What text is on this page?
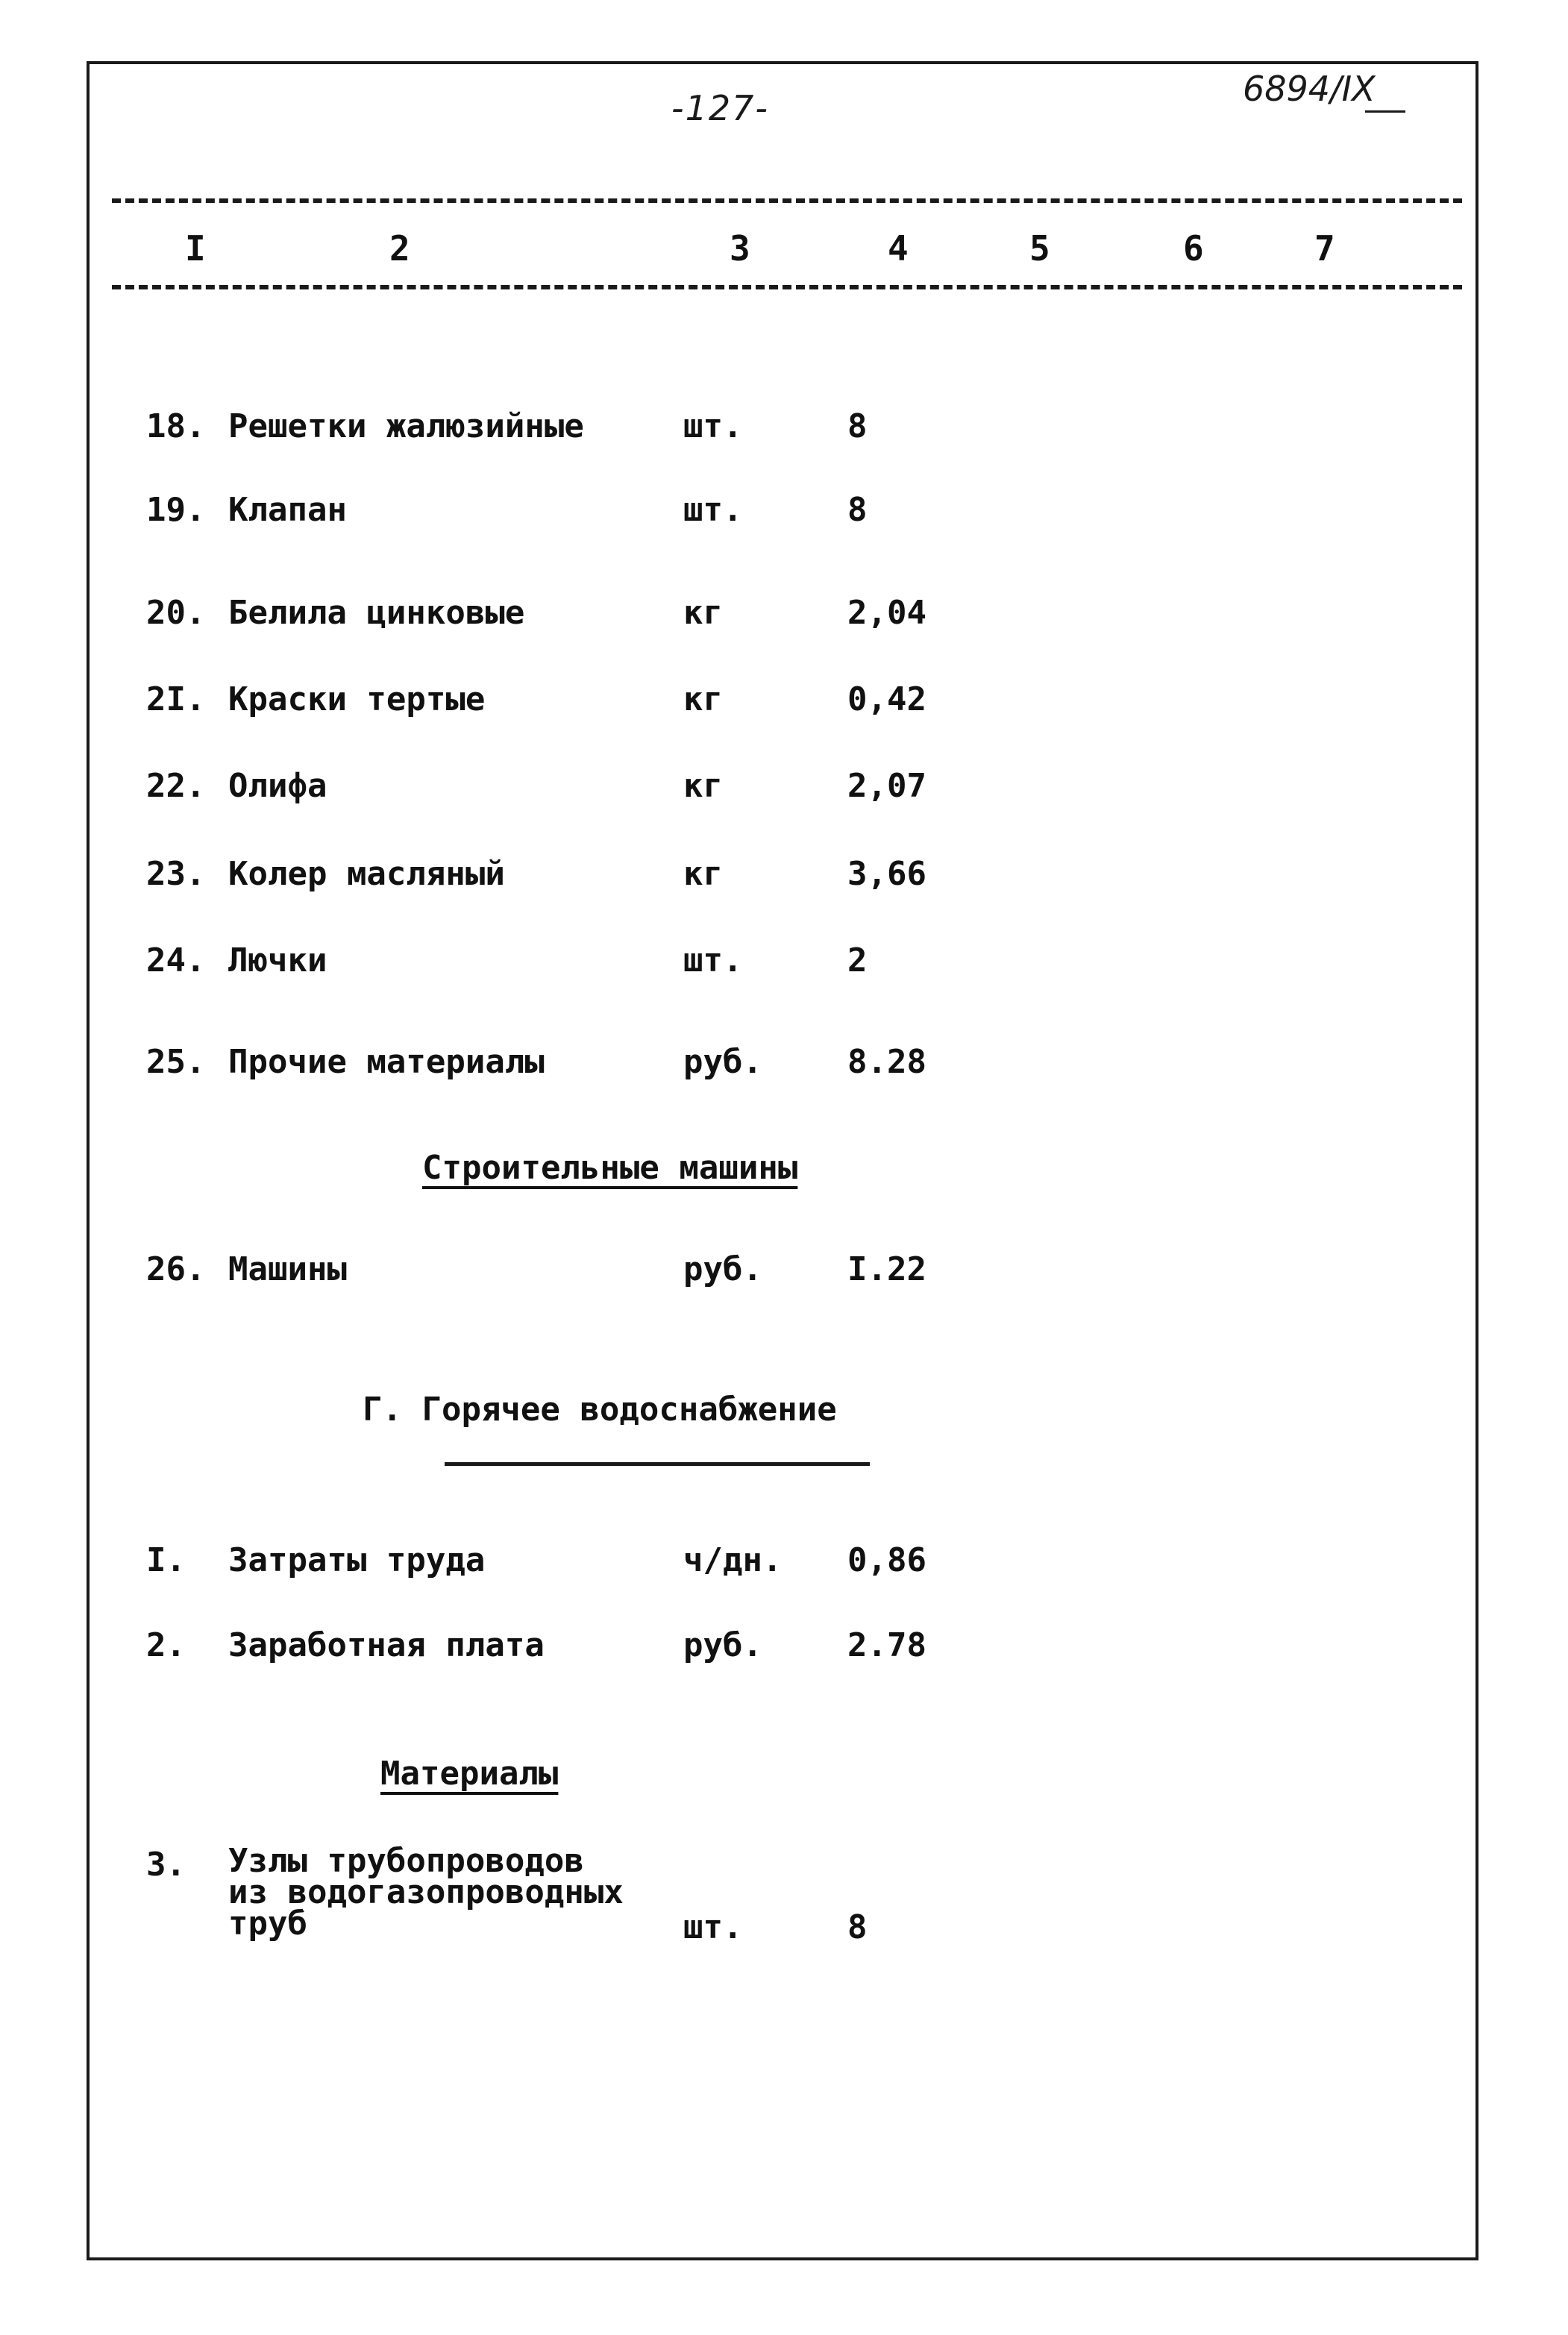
-127-	6894/IX
I	2	3	4	5	6	7
18. Решетки жалюзийные	шт.	8
19. Клапан	шт.	8
20. Белила цинковые	кг	2,04
2I. Краски тертые	кг	0,42
22. Олифа	кг	2,07
23. Колер масляный	кг	3,66
24. Лючки	шт.	2
25. Прочие материалы	руб.	8.28
Строительные машины
26. Машины	руб.	I.22
Г. Горячее водоснабжение
I. Затраты труда	ч/дн. 0,86
2. Заработная плата	руб.	2.78
Материалы
3. Узлы трубопроводов
из водогазопроводных
труб	шт.	8
